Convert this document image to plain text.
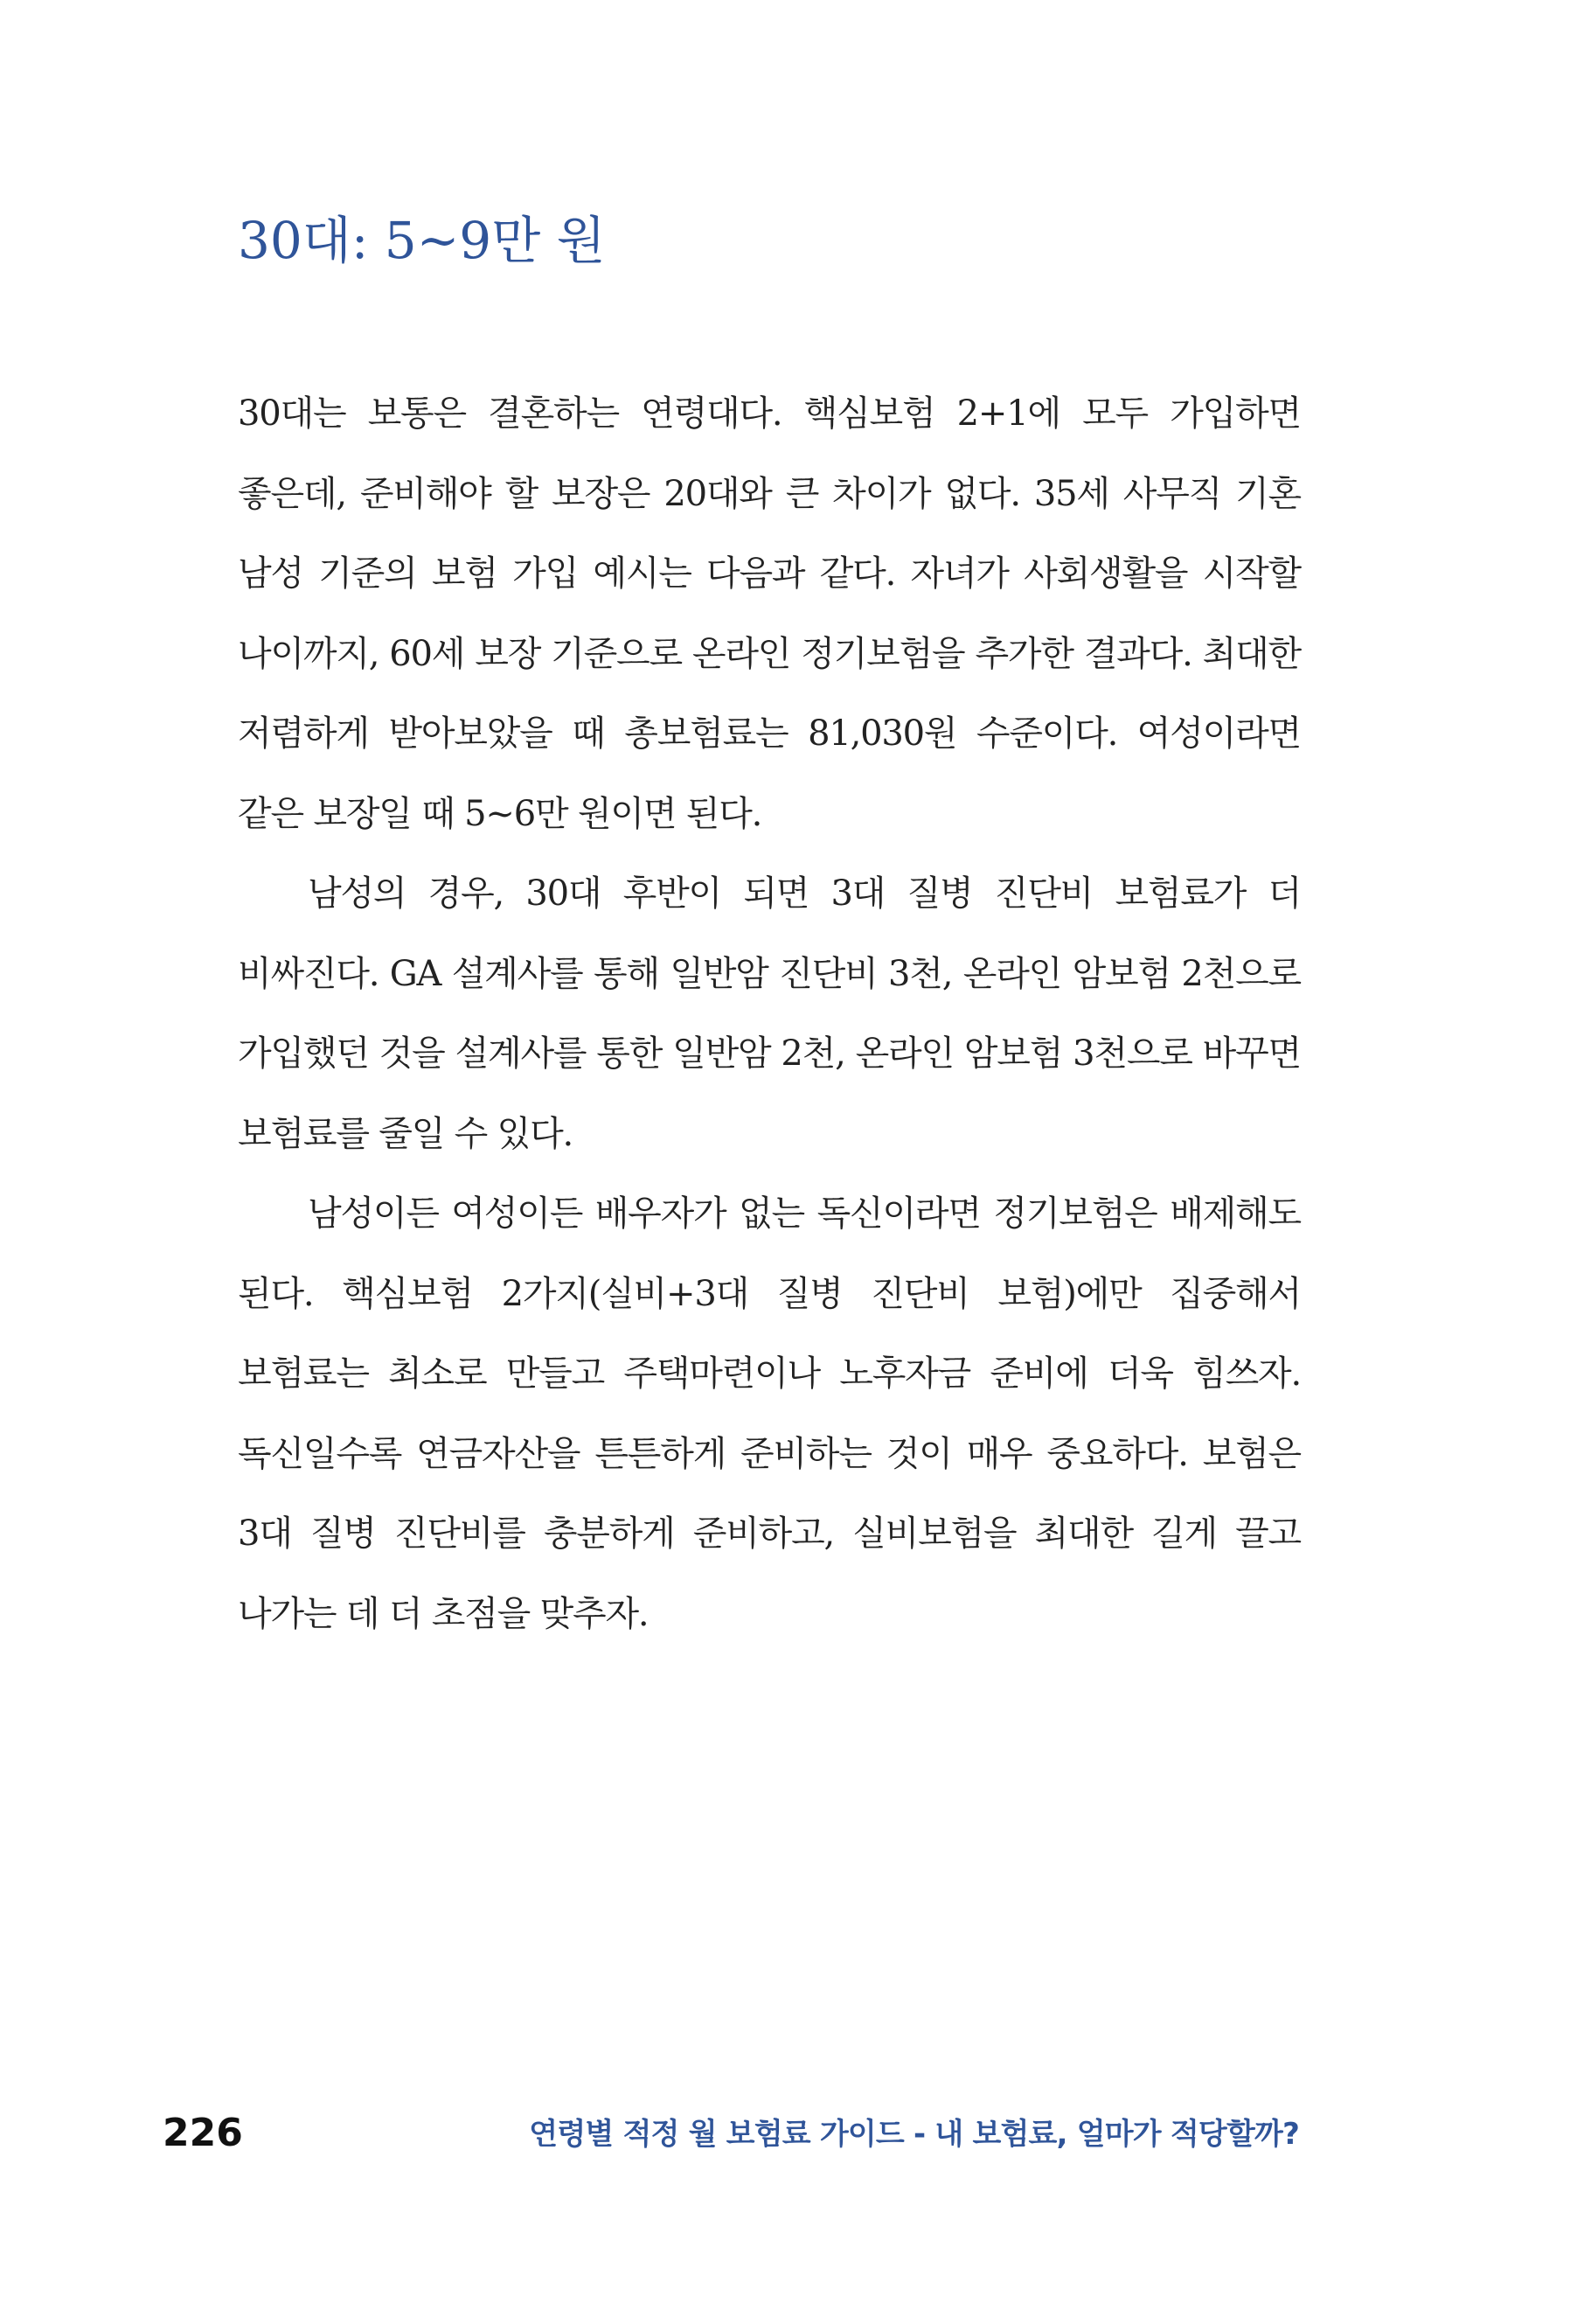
30대: 5~9만 원

30대는 보통은 결혼하는 연령대다. 핵심보험 2+1에 모두 가입하면 좋은데, 준비해야 할 보장은 20대와 큰 차이가 없다. 35세 사무직 기혼 남성 기준의 보험 가입 예시는 다음과 같다. 자녀가 사회생활을 시작할 나이까지, 60세 보장 기준으로 온라인 정기보험을 추가한 결과다. 최대한 저렴하게 받아보았을 때 총보험료는 81,030원 수준이다. 여성이라면 같은 보장일 때 5~6만 원이면 된다.

남성의 경우, 30대 후반이 되면 3대 질병 진단비 보험료가 더 비싸진다. GA 설계사를 통해 일반암 진단비 3천, 온라인 암보험 2천으로 가입했던 것을 설계사를 통한 일반암 2천, 온라인 암보험 3천으로 바꾸면 보험료를 줄일 수 있다.

남성이든 여성이든 배우자가 없는 독신이라면 정기보험은 배제해도 된다. 핵심보험 2가지(실비+3대 질병 진단비 보험)에만 집중해서 보험료는 최소로 만들고 주택마련이나 노후자금 준비에 더욱 힘쓰자. 독신일수록 연금자산을 튼튼하게 준비하는 것이 매우 중요하다. 보험은 3대 질병 진단비를 충분하게 준비하고, 실비보험을 최대한 길게 끌고 나가는 데 더 초점을 맞추자.

226	연령별 적정 월 보험료 가이드 - 내 보험료, 얼마가 적당할까?
